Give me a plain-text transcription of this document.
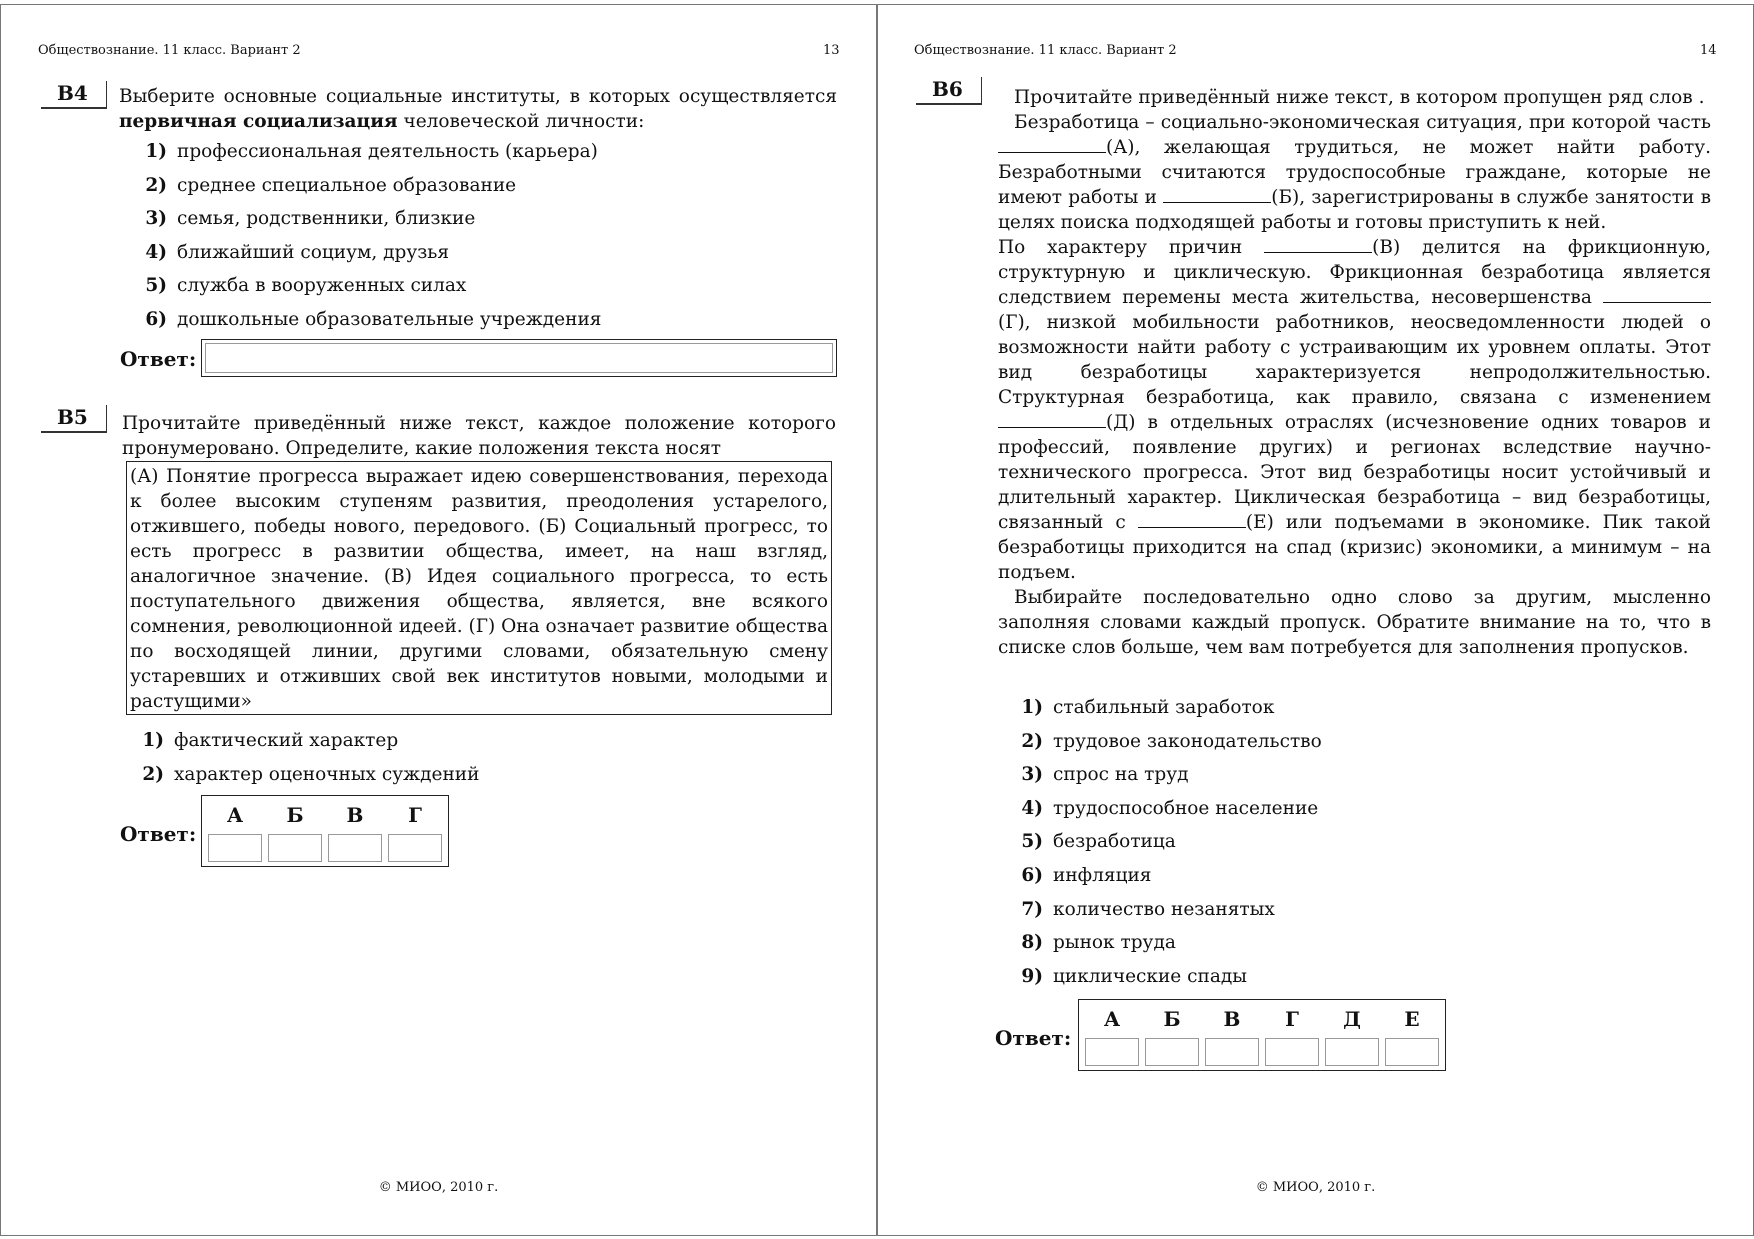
Обществознание. 11 класс. Вариант 2	13
В4	Выберите основные социальные институты, в которых осуществляется первичная социализация человеческой личности:
1) профессиональная деятельность (карьера)
2) среднее специальное образование
3) семья, родственники, близкие
4) ближайший социум, друзья
5) служба в вооруженных силах
6) дошкольные образовательные учреждения
Ответ:
В5	Прочитайте приведённый ниже текст, каждое положение которого пронумеровано. Определите, какие положения текста носят
(А) Понятие прогресса выражает идею совершенствования, перехода к более высоким ступеням развития, преодоления устарелого, отжившего, победы нового, передового. (Б) Социальный прогресс, то есть прогресс в развитии общества, имеет, на наш взгляд, аналогичное значение. (В) Идея социального прогресса, то есть поступательного движения общества, является, вне всякого сомнения, революционной идеей. (Г) Она означает развитие общества по восходящей линии, другими словами, обязательную смену устаревших и отживших свой век институтов новыми, молодыми и растущими»
1) фактический характер
2) характер оценочных суждений
Ответ:
А Б В Г
© МИОО, 2010 г.
Обществознание. 11 класс. Вариант 2	14
В6	Прочитайте приведённый ниже текст, в котором пропущен ряд слов .

Безработица – социально-экономическая ситуация, при которой часть (А), желающая трудиться, не может найти работу. Безработными считаются трудоспособные граждане, которые не имеют работы и	(Б), зарегистрированы в службе занятости в целях поиска подходящей работы и готовы приступить к ней.

По характеру причин	(В) делится на фрикционную, структурную и циклическую. Фрикционная безработица является следствием перемены места жительства, несовершенства (Г), низкой мобильности работников, неосведомленности людей о возможности найти работу с устраивающим их уровнем оплаты. Этот вид безработицы характеризуется непродолжительностью. Структурная безработица, как правило, связана с изменением (Д) в отдельных отраслях (исчезновение одних товаров и профессий, появление других) и регионах вследствие научно-технического прогресса. Этот вид безработицы носит устойчивый и длительный характер. Циклическая безработица – вид безработицы, связанный с	(Е) или подъемами в экономике. Пик такой безработицы приходится на спад (кризис) экономики, а минимум – на подъем.

Выбирайте последовательно одно слово за другим, мысленно заполняя словами каждый пропуск. Обратите внимание на то, что в списке слов больше, чем вам потребуется для заполнения пропусков.

1) стабильный заработок
2) трудовое законодательство
3) спрос на труд
4) трудоспособное население
5) безработица
6) инфляция
7) количество незанятых
8) рынок труда
9) циклические спады
Ответ:
А Б В Г Д Е
© МИОО, 2010 г.
